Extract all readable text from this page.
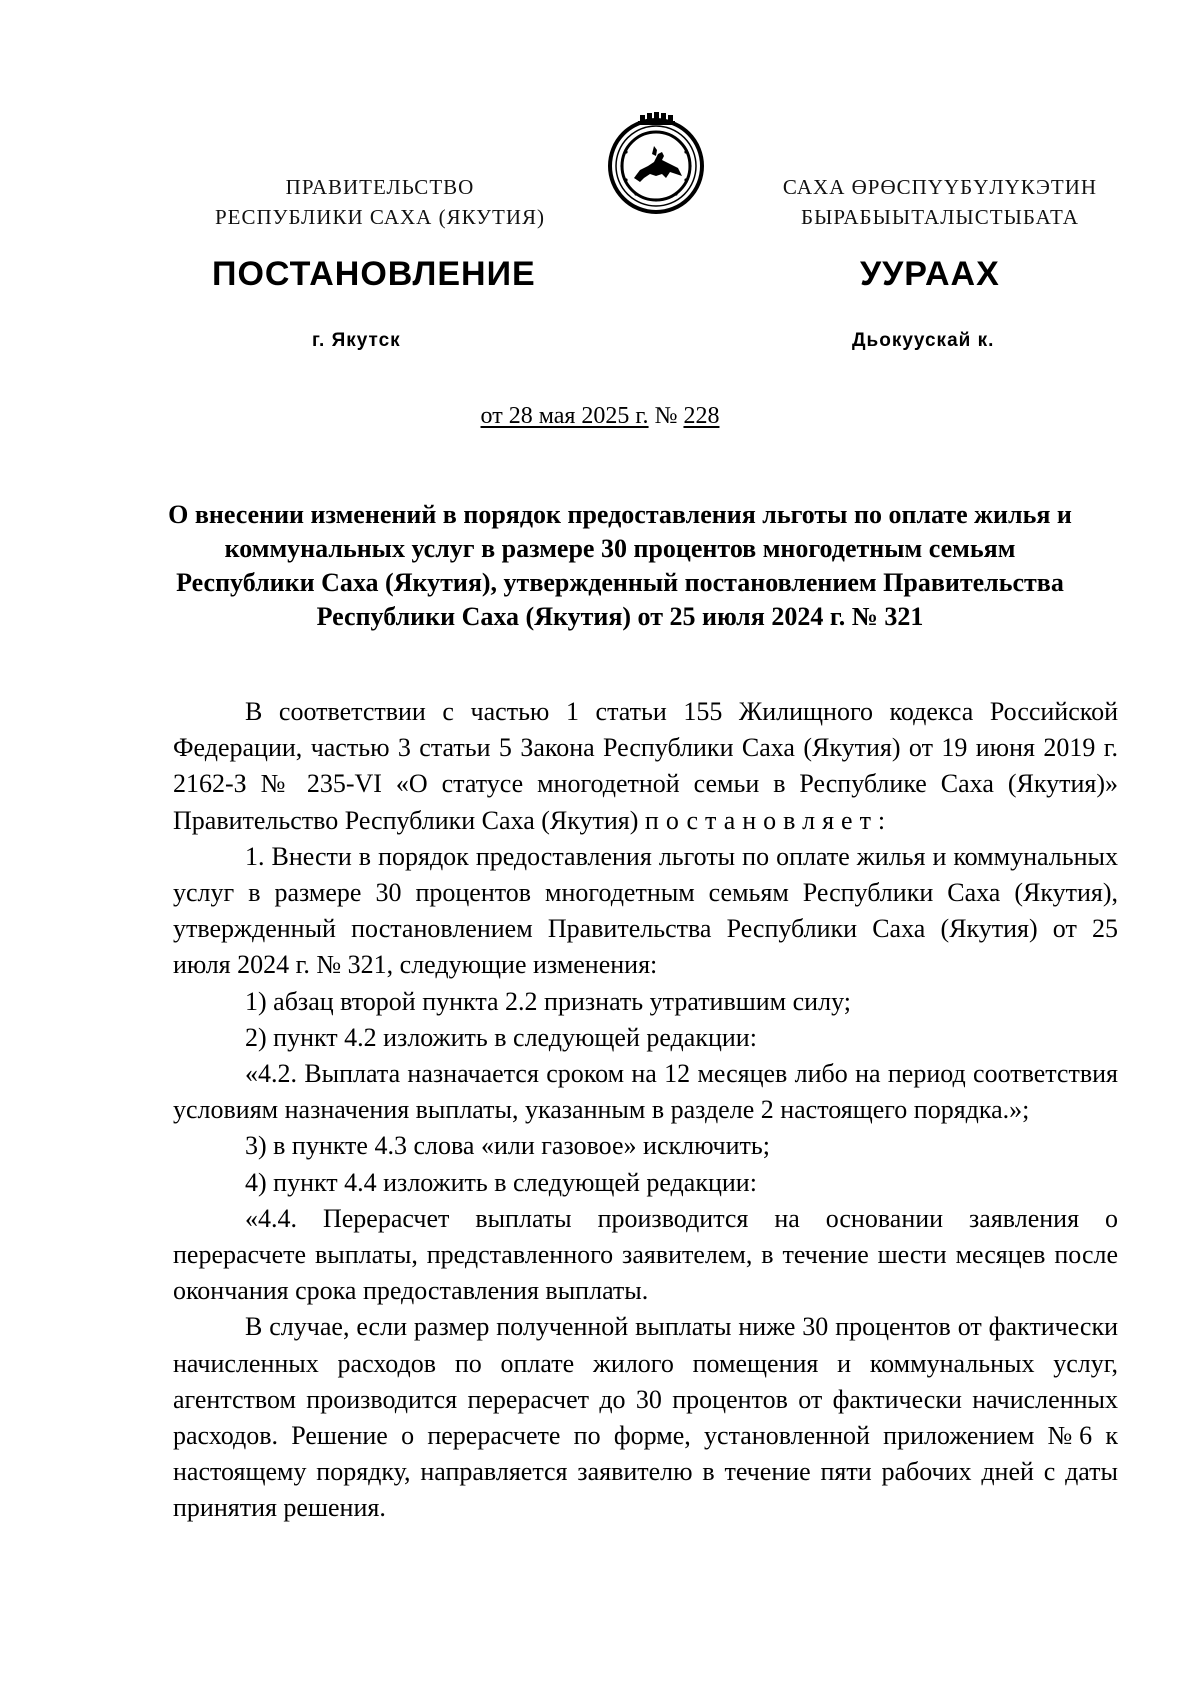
ПРАВИТЕЛЬСТВО
РЕСПУБЛИКИ САХА (ЯКУТИЯ)
САХА ӨРӨСПҮҮБҮЛҮКЭТИН
БЫРАБЫЫТАЛЫСТЫБАТА
ПОСТАНОВЛЕНИЕ	УУРААХ
г. Якутск	Дьокуускай к.
от 28 мая 2025 г. № 228
О внесении изменений в порядок предоставления льготы по оплате жилья и коммунальных услуг в размере 30 процентов многодетным семьям Республики Саха (Якутия), утвержденный постановлением Правительства Республики Саха (Якутия) от 25 июля 2024 г. № 321

В соответствии с частью 1 статьи 155 Жилищного кодекса Российской Федерации, частью 3 статьи 5 Закона Республики Саха (Якутия) от 19 июня 2019 г. 2162-З № 235-VI «О статусе многодетной семьи в Республике Саха (Якутия)» Правительство Республики Саха (Якутия) постановляет:

1. Внести в порядок предоставления льготы по оплате жилья и коммунальных услуг в размере 30 процентов многодетным семьям Республики Саха (Якутия), утвержденный постановлением Правительства Республики Саха (Якутия) от 25 июля 2024 г. № 321, следующие изменения:

1) абзац второй пункта 2.2 признать утратившим силу;

2) пункт 4.2 изложить в следующей редакции:

«4.2. Выплата назначается сроком на 12 месяцев либо на период соответствия условиям назначения выплаты, указанным в разделе 2 настоящего порядка.»;

3) в пункте 4.3 слова «или газовое» исключить;

4) пункт 4.4 изложить в следующей редакции:

«4.4. Перерасчет выплаты производится на основании заявления о перерасчете выплаты, представленного заявителем, в течение шести месяцев после окончания срока предоставления выплаты.

В случае, если размер полученной выплаты ниже 30 процентов от фактически начисленных расходов по оплате жилого помещения и коммунальных услуг, агентством производится перерасчет до 30 процентов от фактически начисленных расходов. Решение о перерасчете по форме, установленной приложением №6 к настоящему порядку, направляется заявителю в течение пяти рабочих дней с даты принятия решения.
